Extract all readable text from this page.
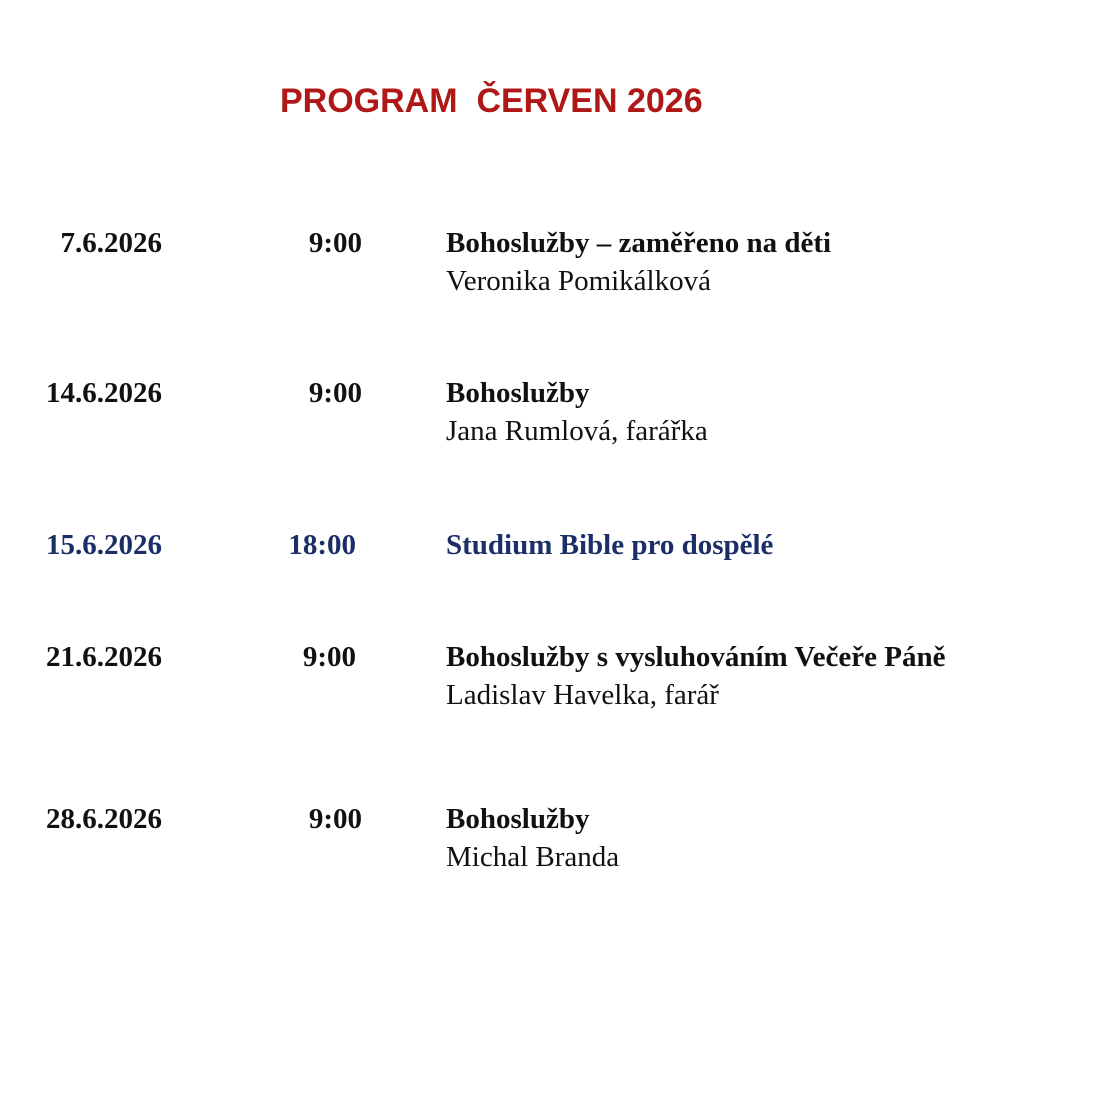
PROGRAM  ČERVEN 2026
7.6.2026	9:00	Bohoslužby – zaměřeno na děti
Veronika Pomikálková
14.6.2026	9:00	Bohoslužby
Jana Rumlová, farářka
15.6.2026	18:00	Studium Bible pro dospělé
21.6.2026	9:00	Bohoslužby s vysluhováním Večeře Páně
Ladislav Havelka, farář
28.6.2026	9:00	Bohoslužby
Michal Branda
